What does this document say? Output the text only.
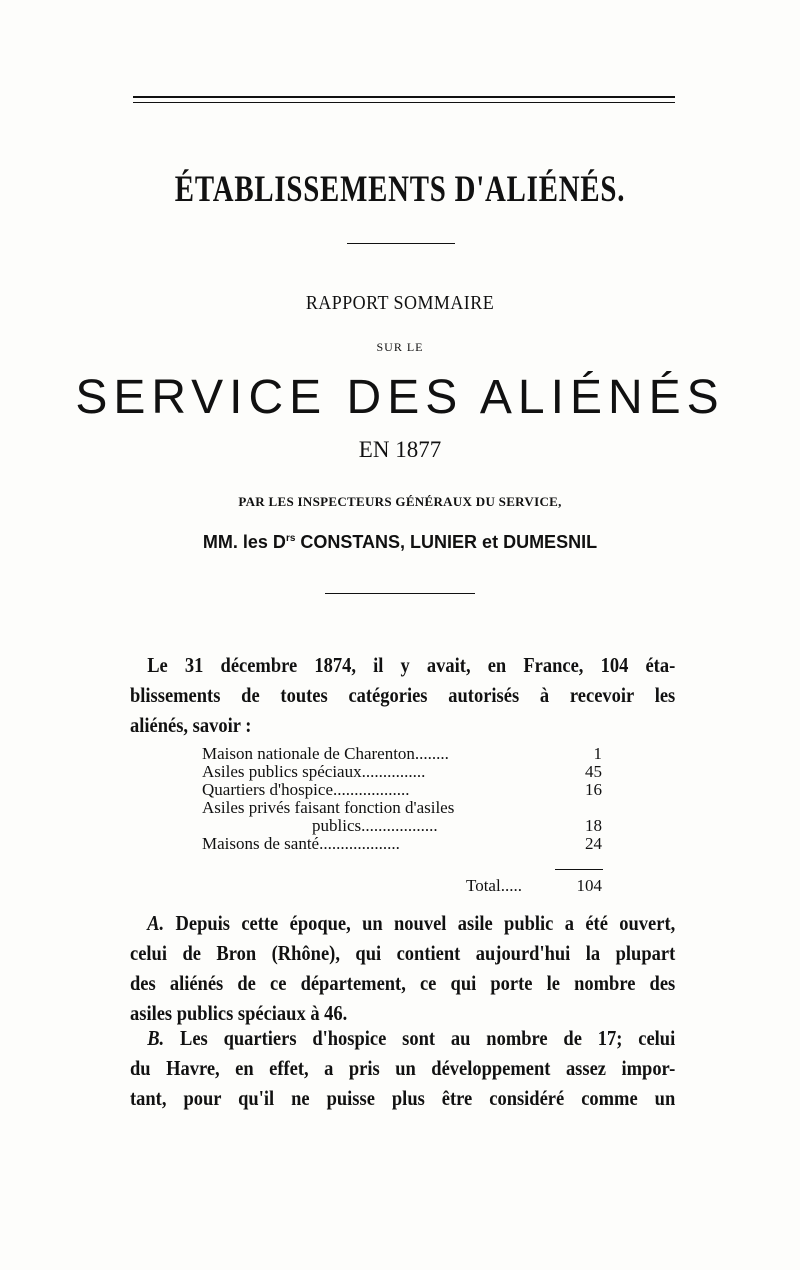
ÉTABLISSEMENTS D'ALIÉNÉS.
RAPPORT SOMMAIRE
SUR LE
SERVICE DES ALIÉNÉS
EN 1877
PAR LES INSPECTEURS GÉNÉRAUX DU SERVICE,
MM. les $D^{rs}$ CONSTANS, LUNIER et DUMESNIL
Le 31 décembre 1874, il y avait, en France, 104 éta-
blissements de toutes catégories autorisés à recevoir les
aliénés, savoir :
Maison nationale de Charenton ........	1
Asiles publics spéciaux ...............	45
Quartiers d'hospice ..................	16
Asiles privés faisant fonction d'asiles
publics ..................	18
Maisons de santé ...................	24
Total.....	104
A. Depuis cette époque, un nouvel asile public a été ouvert,
celui de Bron (Rhône), qui contient aujourd'hui la plupart
des aliénés de ce département, ce qui porte le nombre des
asiles publics spéciaux à 46.
B. Les quartiers d'hospice sont au nombre de 17; celui
du Havre, en effet, a pris un développement assez impor-
tant, pour qu'il ne puisse plus être considéré comme un
